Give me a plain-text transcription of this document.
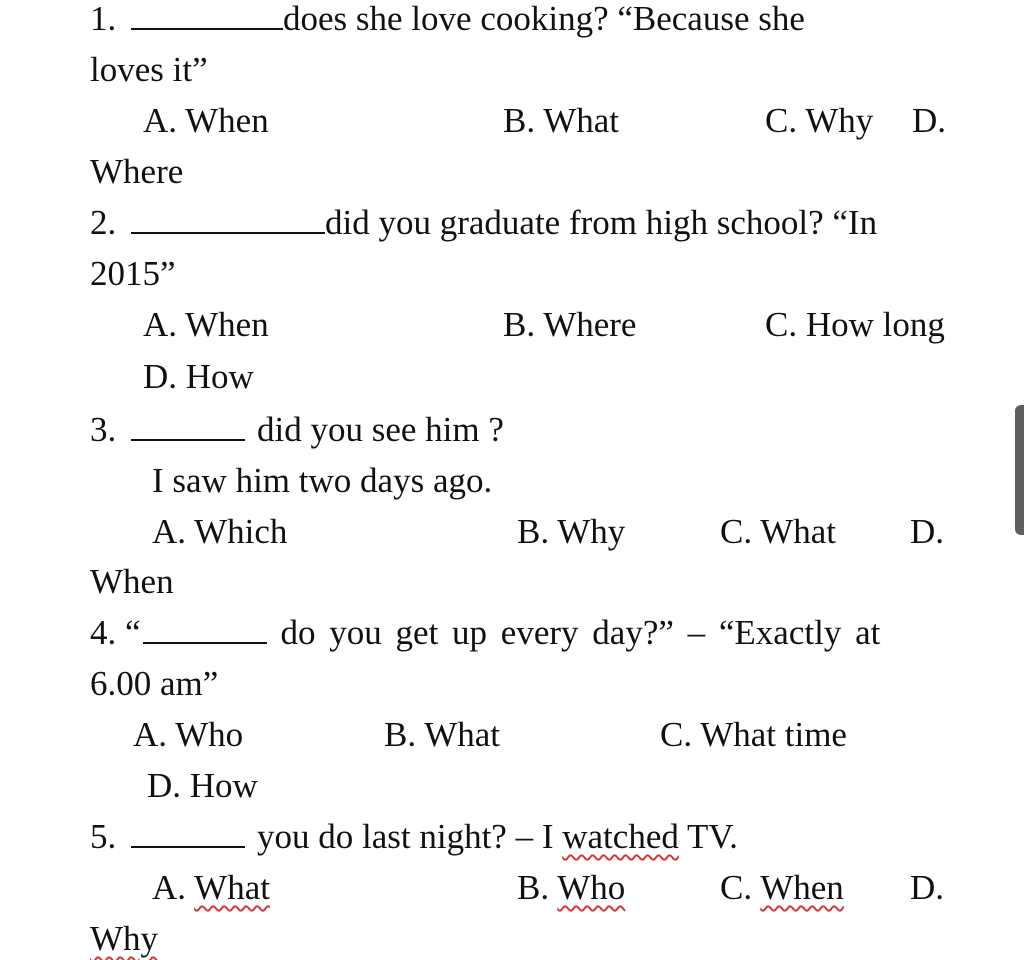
1.	does she love cooking? “Because she
loves it”
A. When	B. What	C. Why D.
Where
2.	did you graduate from high school? “In
2015”
A. When	B. Where	C. How long
D. How
3.	did you see him ?
I saw him two days ago.
A. Which	B. Why	C. What D.
When
4. “	do you get up every day?” – “Exactly at
6.00 am”
A. Who	B. What	C. What time
D. How
5.	you do last night? – I watched TV.
A. What	B. Who	C. When D.
Why
